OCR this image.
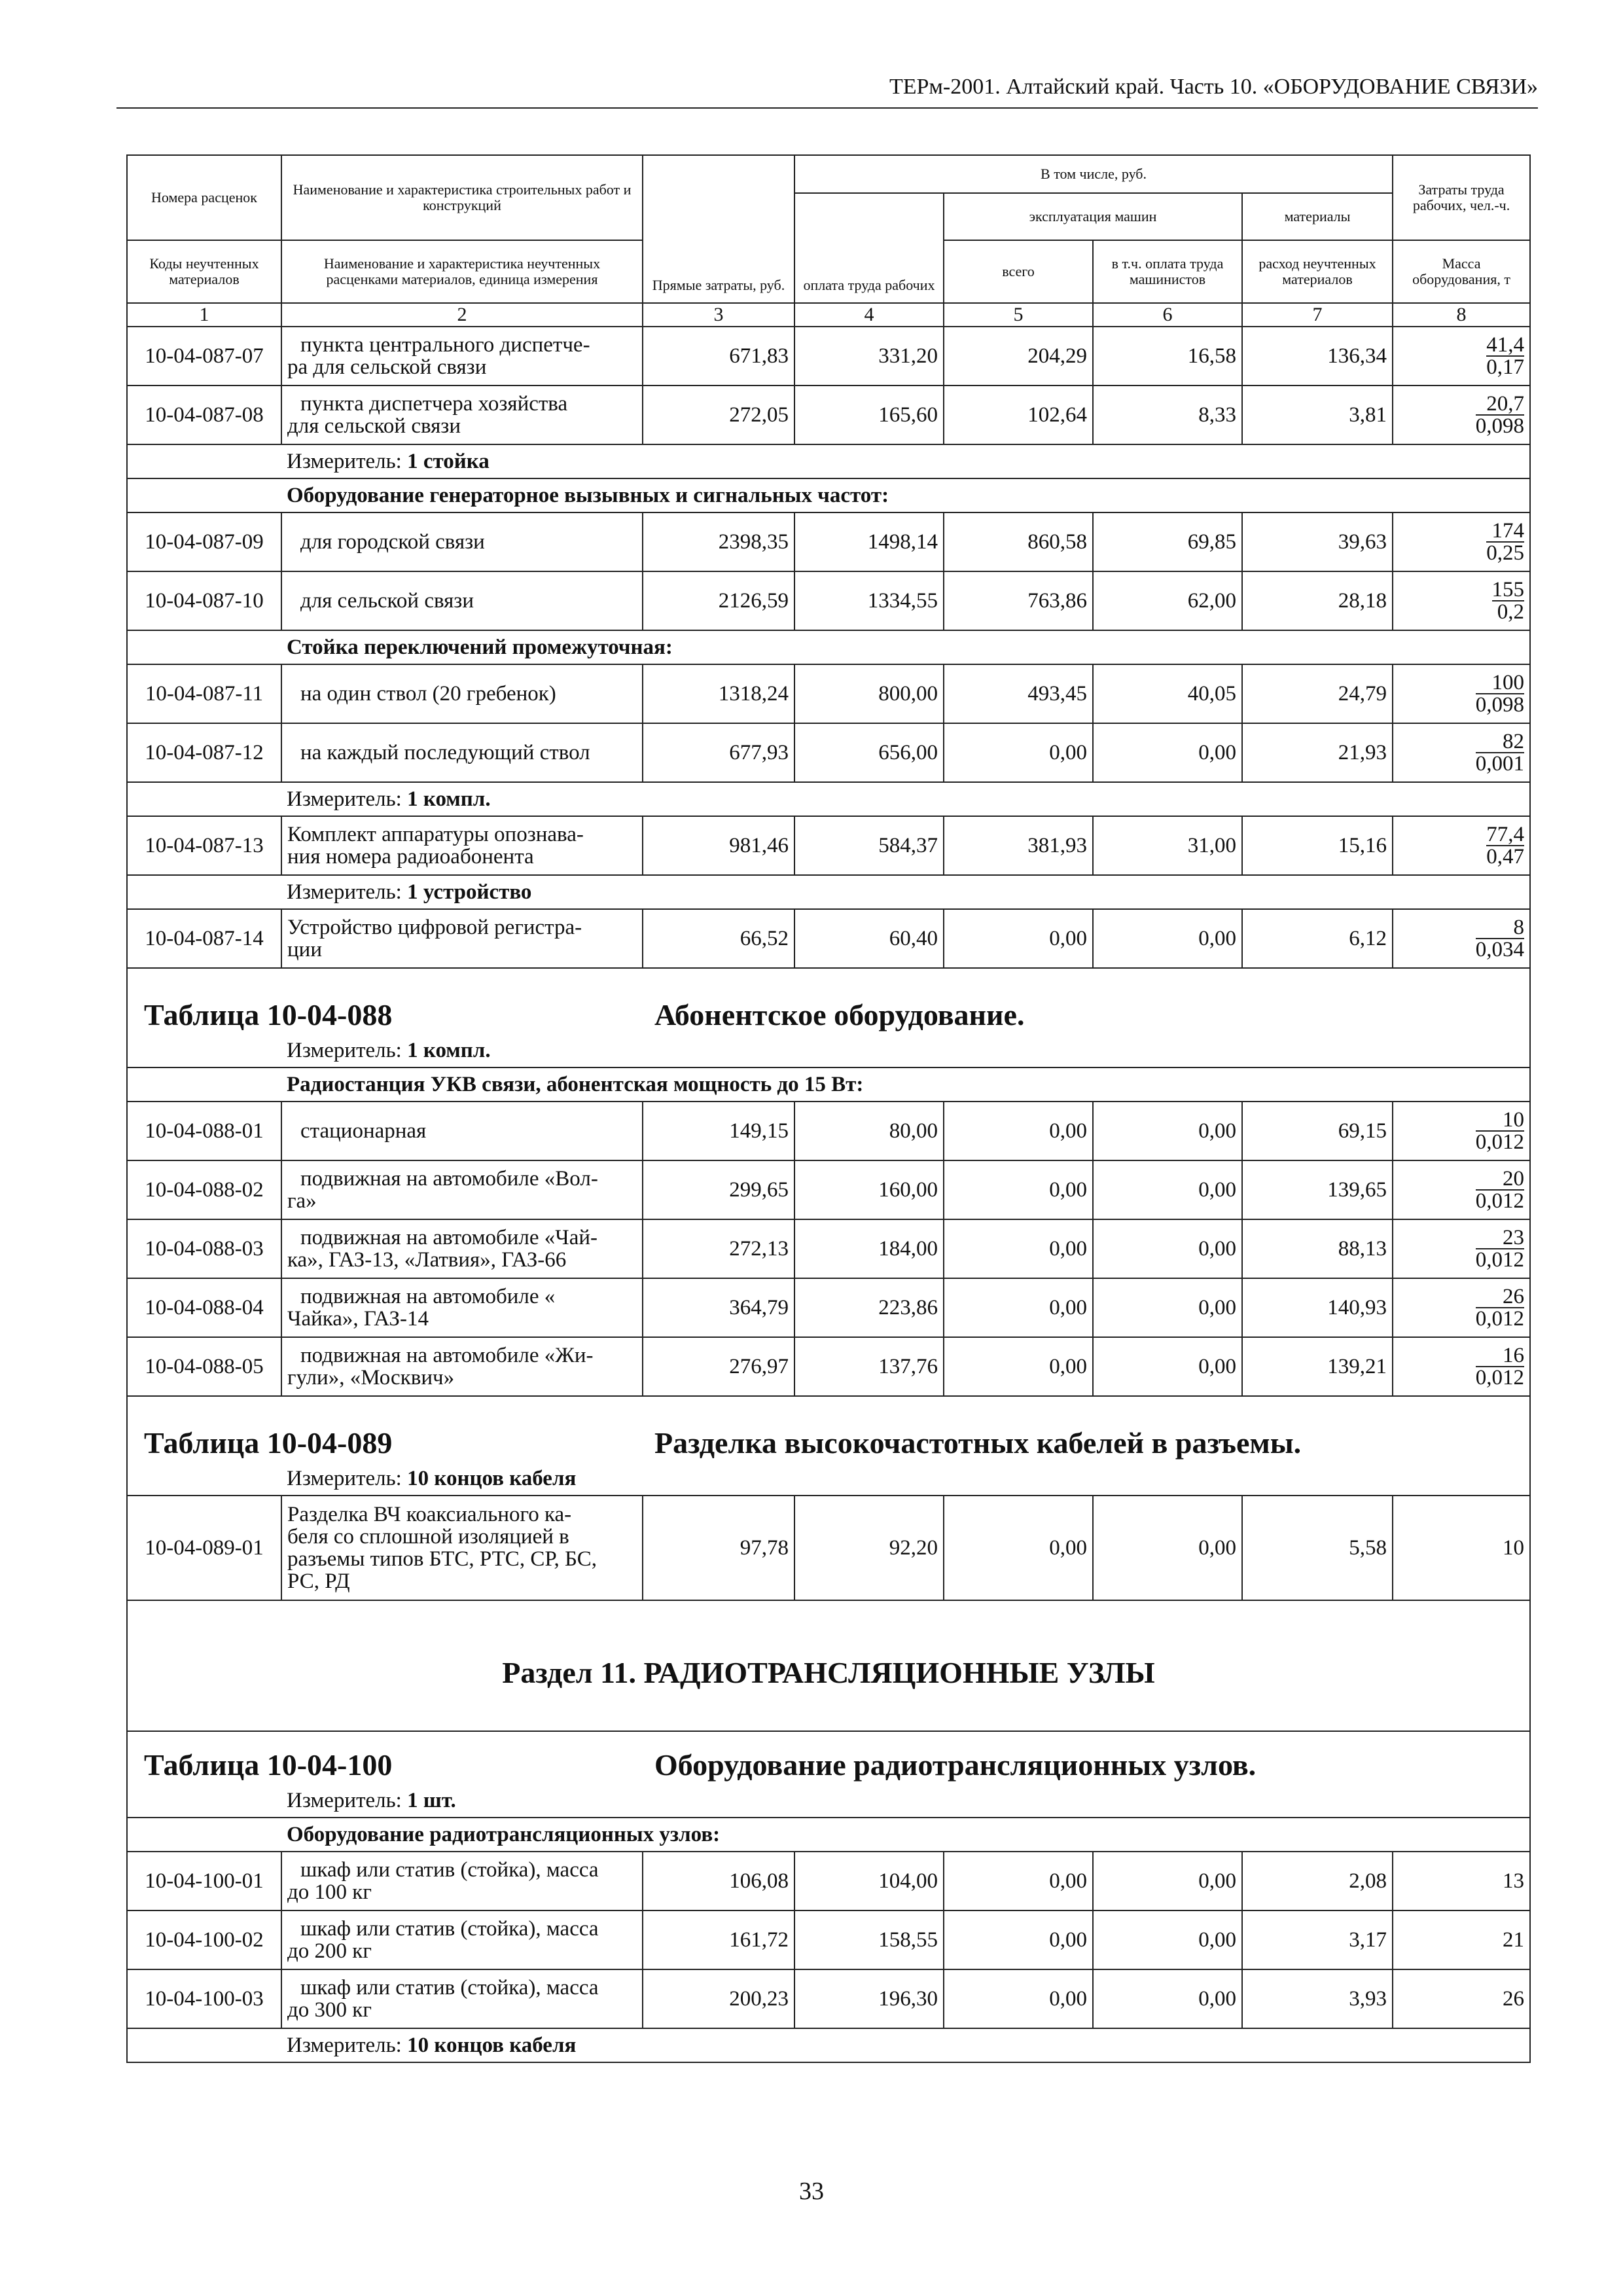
ТЕРм-2001. Алтайский край. Часть 10. «ОБОРУДОВАНИЕ СВЯЗИ»
Номера расценок	Наименование и характеристика строительных работ и конструкций	Прямые затраты, руб.	В том числе, руб.				Затраты труда рабочих, чел.-ч.
			оплата труда рабочих	эксплуатация машин		материалы	
Коды неучтенных материалов	Наименование и характеристика неучтенных расценками материалов, единица измерения			всего	в т.ч. оплата труда машинистов	расход неучтенных материалов	Масса оборудования, т
1	2	3	4	5	6	7	8
10-04-087-07	пункта центрального диспетче-
ра для сельской связи	671,83	331,20	204,29	16,58	136,34	$\frac{41,4}{0,17}$

10-04-087-08	пункта диспетчера хозяйства
для сельской связи	272,05	165,60	102,64	8,33	3,81	$\frac{20,7}{0,098}$

	Измеритель: 1 стойка						
	Оборудование генераторное вызывных и сигнальных частот:						
10-04-087-09	для городской связи	2398,35	1498,14	860,58	69,85	39,63	$\frac{174}{0,25}$

10-04-087-10	для сельской связи	2126,59	1334,55	763,86	62,00	28,18	$\frac{155}{0,2}$

	Стойка переключений промежуточная:						
10-04-087-11	на один ствол (20 гребенок)	1318,24	800,00	493,45	40,05	24,79	$\frac{100}{0,098}$

10-04-087-12	на каждый последующий ствол	677,93	656,00	0,00	0,00	21,93	$\frac{82}{0,001}$

	Измеритель: 1 компл.						
10-04-087-13	Комплект аппаратуры опознава-
ния номера радиоабонента	981,46	584,37	381,93	31,00	15,16	$\frac{77,4}{0,47}$

	Измеритель: 1 устройство						
10-04-087-14	Устройство цифровой регистра-
ции	66,52	60,40	0,00	0,00	6,12	$\frac{8}{0,034}$

Таблица 10-04-088 Абонентское оборудование.							
	Измеритель: 1 компл.						
	Радиостанция УКВ связи, абонентская мощность до 15 Вт:						
10-04-088-01	стационарная	149,15	80,00	0,00	0,00	69,15	$\frac{10}{0,012}$

10-04-088-02	подвижная на автомобиле «Вол-
га»	299,65	160,00	0,00	0,00	139,65	$\frac{20}{0,012}$

10-04-088-03	подвижная на автомобиле «Чай-
ка», ГАЗ-13, «Латвия», ГАЗ-66	272,13	184,00	0,00	0,00	88,13	$\frac{23}{0,012}$

10-04-088-04	подвижная на автомобиле «
Чайка», ГАЗ-14	364,79	223,86	0,00	0,00	140,93	$\frac{26}{0,012}$

10-04-088-05	подвижная на автомобиле «Жи-
гули», «Москвич»	276,97	137,76	0,00	0,00	139,21	$\frac{16}{0,012}$

Таблица 10-04-089 Разделка высокочастотных кабелей в разъемы.							
	Измеритель: 10 концов кабеля						
10-04-089-01	Разделка ВЧ коаксиального ка-
беля со сплошной изоляцией в
разъемы типов БТС, РТС, СР, БС,
РС, РД	97,78	92,20	0,00	0,00	5,58	10
Раздел 11. РАДИОТРАНСЛЯЦИОННЫЕ УЗЛЫ							
Таблица 10-04-100 Оборудование радиотрансляционных узлов.							
	Измеритель: 1 шт.						
	Оборудование радиотрансляционных узлов:						
10-04-100-01	шкаф или статив (стойка), масса
до 100 кг	106,08	104,00	0,00	0,00	2,08	13
10-04-100-02	шкаф или статив (стойка), масса
до 200 кг	161,72	158,55	0,00	0,00	3,17	21
10-04-100-03	шкаф или статив (стойка), масса
до 300 кг	200,23	196,30	0,00	0,00	3,93	26
	Измеритель: 10 концов кабеля						
33
